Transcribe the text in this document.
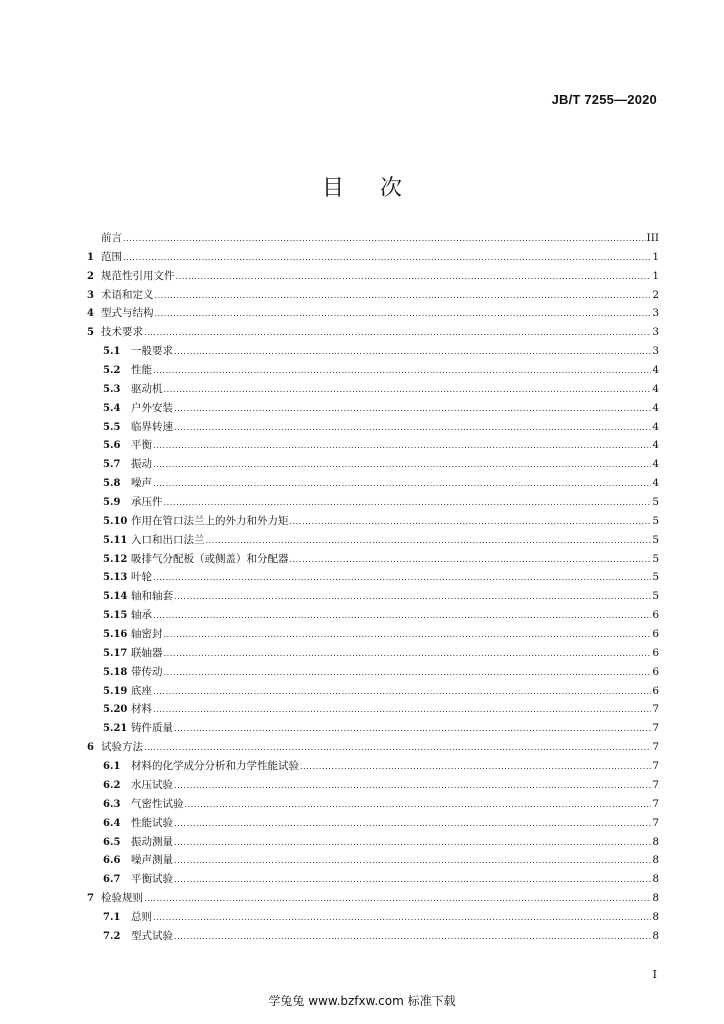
JB/T 7255—2020
目 次
前言 .....	III
1 范围 .....	1
2 规范性引用文件 .....	1
3 术语和定义 .....	2
4 型式与结构 .....	3
5 技术要求 .....	3
5.1	一般要求 .....	3
5.2	性能 .....	4
5.3	驱动机 .....	4
5.4	户外安装 .....	4
5.5	临界转速 .....	4
5.6	平衡 .....	4
5.7	振动 .....	4
5.8	噪声 .....	4
5.9	承压件 .....	5
5.10 作用在管口法兰上的外力和外力矩 .....	5
5.11 入口和出口法兰 .....	5
5.12 吸排气分配板（或侧盖）和分配器 .....	5
5.13 叶轮 .....	5
5.14 轴和轴套 .....	5
5.15 轴承 .....	6
5.16 轴密封 .....	6
5.17 联轴器 .....	6
5.18 带传动 .....	6
5.19 底座 .....	6
5.20 材料 .....	7
5.21 铸件质量 .....	7
6 试验方法 .....	7
6.1	材料的化学成分分析和力学性能试验 .....	7
6.2	水压试验 .....	7
6.3	气密性试验 .....	7
6.4	性能试验 .....	7
6.5	振动测量 .....	8
6.6	噪声测量 .....	8
6.7	平衡试验 .....	8
7 检验规则 .....	8
7.1	总则 .....	8
7.2	型式试验 .....	8
I
学兔兔 www.bzfxw.com 标准下载
